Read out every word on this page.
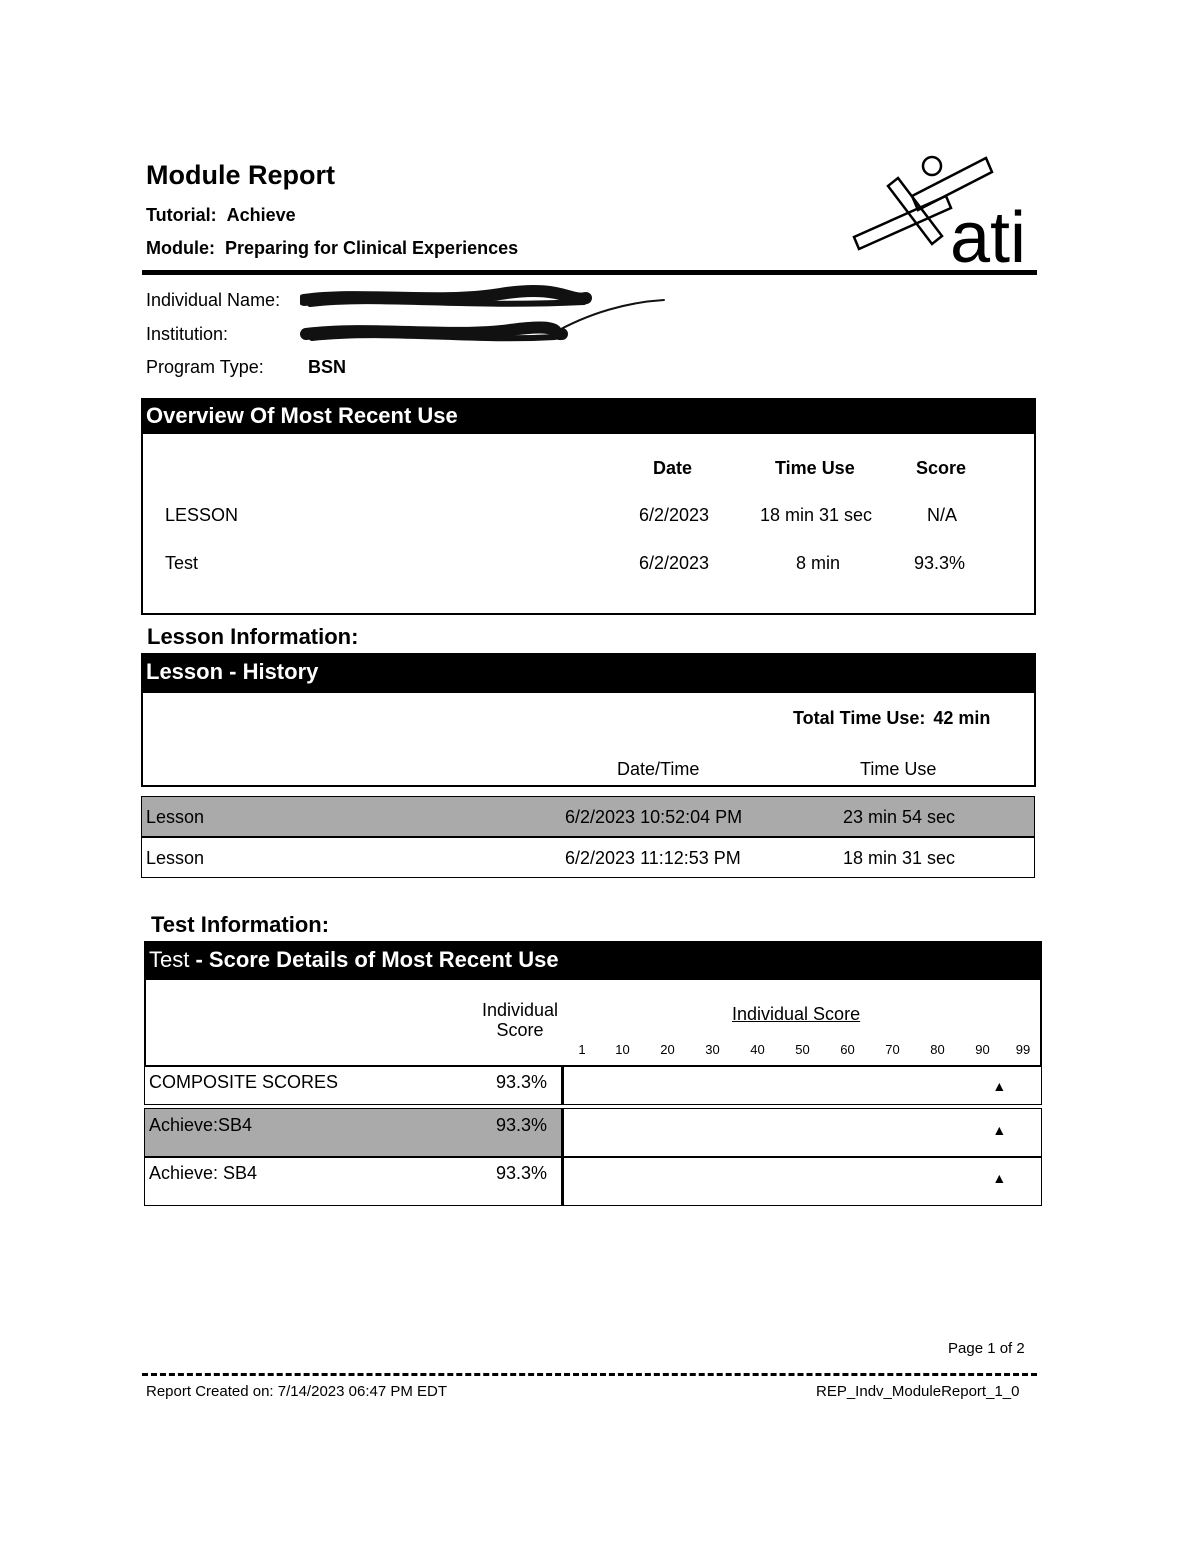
Module Report
Tutorial: Achieve
Module: Preparing for Clinical Experiences	ati
Individual Name:
Institution:
Program Type: BSN
Overview Of Most Recent Use
Date	Time Use	Score
LESSON	6/2/2023	18 min 31 sec	N/A
Test	6/2/2023	8 min	93.3%
Lesson Information:
Lesson - History
Total Time Use: 42 min
Date/Time	Time Use
Lesson	6/2/2023 10:52:04 PM	23 min 54 sec
Lesson	6/2/2023 11:12:53 PM	18 min 31 sec
Test Information:
Test - Score Details of Most Recent Use
Individual
Score
Individual Score
1	10	20	30	40	50	60	70	80	90	99
COMPOSITE SCORES	93.3%	▲
Achieve:SB4	93.3%	▲
Achieve: SB4	93.3%	▲
Page 1 of 2
Report Created on: 7/14/2023 06:47 PM EDT	REP_Indv_ModuleReport_1_0
